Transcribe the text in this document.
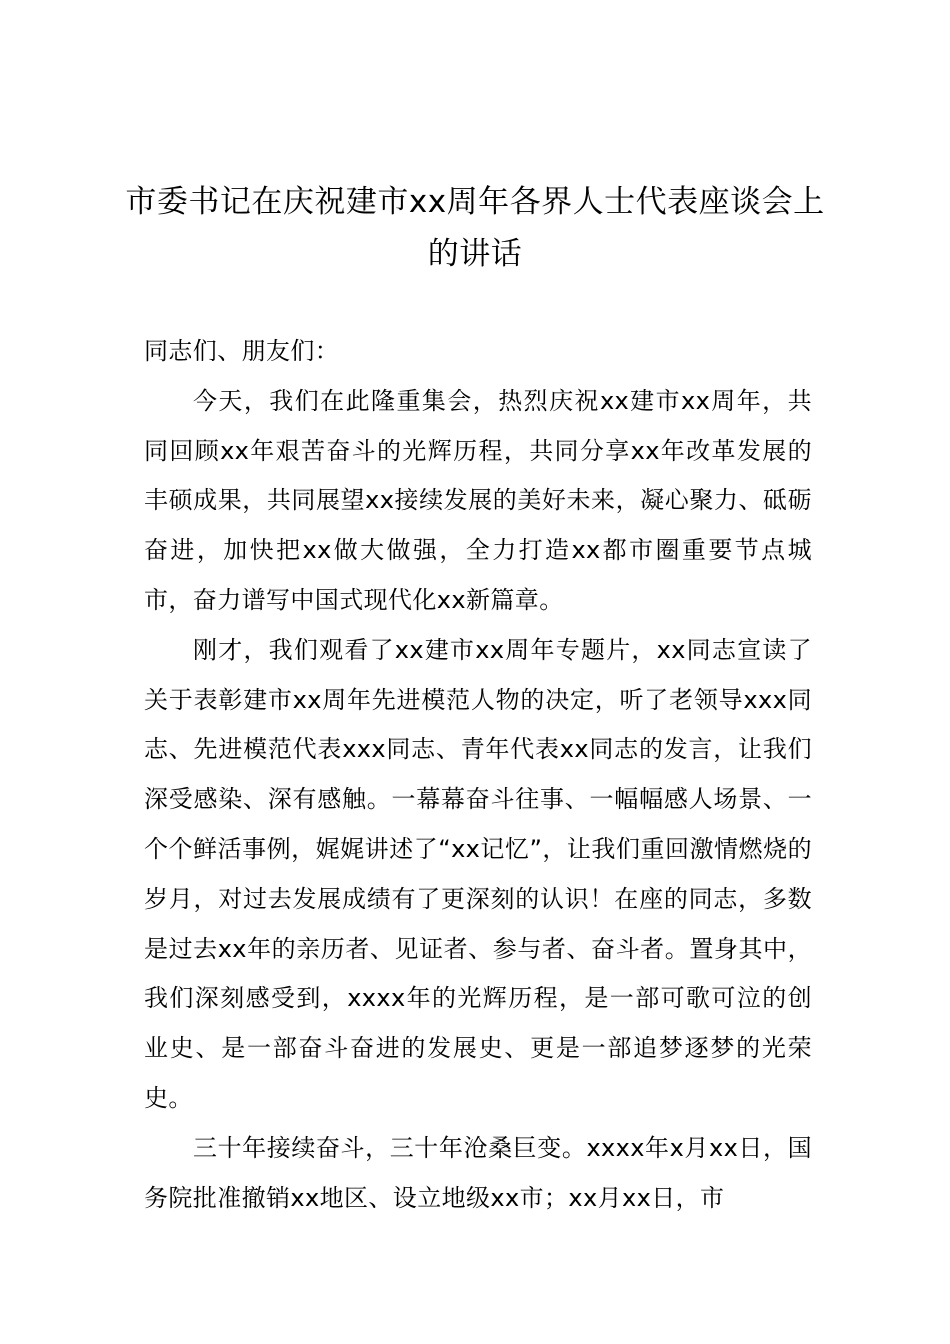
市委书记在庆祝建市xx周年各界人士代表座谈会上的讲话

同志们、朋友们：

今天，我们在此隆重集会，热烈庆祝xx建市xx周年，共同回顾xx年艰苦奋斗的光辉历程，共同分享xx年改革发展的丰硕成果，共同展望xx接续发展的美好未来，凝心聚力、砥砺奋进，加快把xx做大做强，全力打造xx都市圈重要节点城市，奋力谱写中国式现代化xx新篇章。

刚才，我们观看了xx建市xx周年专题片，xx同志宣读了关于表彰建市xx周年先进模范人物的决定，听了老领导xxx同志、先进模范代表xxx同志、青年代表xx同志的发言，让我们深受感染、深有感触。一幕幕奋斗往事、一幅幅感人场景、一个个鲜活事例，娓娓讲述了“xx记忆”，让我们重回激情燃烧的岁月，对过去发展成绩有了更深刻的认识！在座的同志，多数是过去xx年的亲历者、见证者、参与者、奋斗者。置身其中，我们深刻感受到，xxxx年的光辉历程，是一部可歌可泣的创业史、是一部奋斗奋进的发展史、更是一部追梦逐梦的光荣史。

三十年接续奋斗，三十年沧桑巨变。xxxx年x月xx日，国务院批准撤销xx地区、设立地级xx市；xx月xx日，市
